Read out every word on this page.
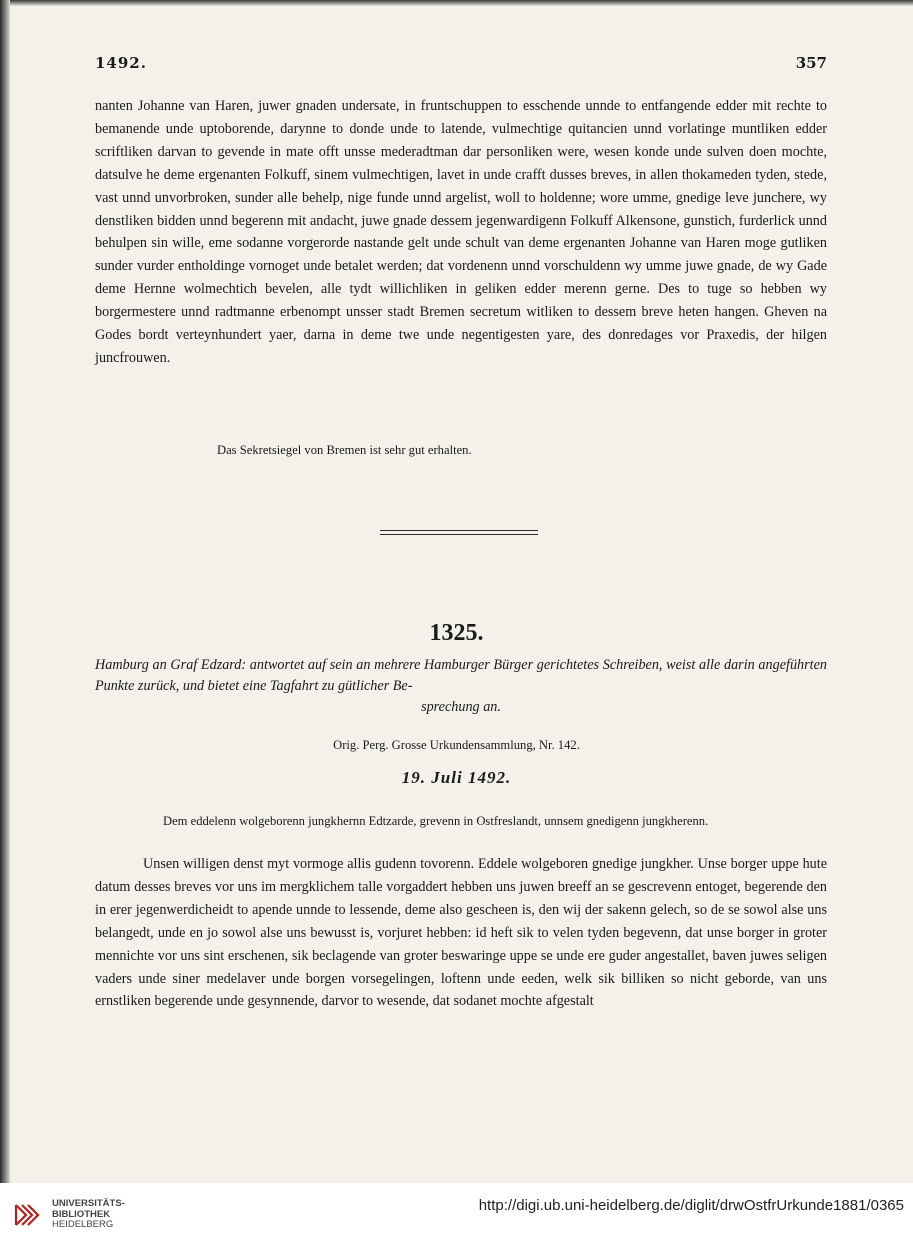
1492.	357

nanten Johanne van Haren, juwer gnaden undersate, in fruntschuppen to esschende unnde to entfangende edder mit rechte to bemanende unde uptoborende, darynne to donde unde to latende, vulmechtige quitancien unnd vorlatinge muntliken edder scriftliken darvan to gevende in mate offt unsse mederadtman dar personliken were, wesen konde unde sulven doen mochte, datsulve he deme ergenanten Folkuff, sinem vulmechtigen, lavet in unde crafft dusses breves, in allen thokameden tyden, stede, vast unnd unvorbroken, sunder alle behelp, nige funde unnd argelist, woll to holdenne; wore umme, gnedige leve junchere, wy denstliken bidden unnd begerenn mit andacht, juwe gnade dessem jegenwardigenn Folkuff Alkensone, gunstich, furderlick unnd behulpen sin wille, eme sodanne vorgerorde nastande gelt unde schult van deme ergenanten Johanne van Haren moge gutliken sunder vurder entholdinge vornoget unde betalet werden; dat vordenenn unnd vorschuldenn wy umme juwe gnade, de wy Gade deme Hernne wolmechtich bevelen, alle tydt willichliken in geliken edder merenn gerne. Des to tuge so hebben wy borgermestere unnd radtmanne erbenompt unsser stadt Bremen secretum witliken to dessem breve heten hangen. Gheven na Godes bordt verteynhundert yaer, darna in deme twe unde negentigesten yare, des donredages vor Praxedis, der hilgen juncfrouwen.

Das Sekretsiegel von Bremen ist sehr gut erhalten.
1325.
Hamburg an Graf Edzard: antwortet auf sein an mehrere Hamburger Bürger gerichtetes Schreiben, weist alle darin angeführten Punkte zurück, und bietet eine Tagfahrt zu gütlicher Be-
sprechung an.
Orig. Perg. Grosse Urkundensammlung, Nr. 142.
19. Juli 1492.
Dem eddelenn wolgeborenn jungkhernn Edtzarde, grevenn in Ostfreslandt, unnsem gnedigenn jungkherenn.

Unsen willigen denst myt vormoge allis gudenn tovorenn. Eddele wolgeboren gnedige jungkher. Unse borger uppe hute datum desses breves vor uns im mergklichem talle vorgaddert hebben uns juwen breeff an se gescrevenn entoget, begerende den in erer jegenwerdicheidt to apende unnde to lessende, deme also gescheen is, den wij der sakenn gelech, so de se sowol alse uns belangedt, unde en jo sowol alse uns bewusst is, vorjuret hebben: id heft sik to velen tyden begevenn, dat unse borger in groter mennichte vor uns sint erschenen, sik beclagende van groter beswaringe uppe se unde ere guder angestallet, baven juwes seligen vaders unde siner medelaver unde borgen vorsegelingen, loftenn unde eeden, welk sik billiken so nicht geborde, van uns ernstliken begerende unde gesynnende, darvor to wesende, dat sodanet mochte afgestalt

UNIVERSITÄTS-
BIBLIOTHEK
HEIDELBERG
http://digi.ub.uni-heidelberg.de/diglit/drwOstfrUrkunde1881/0365
